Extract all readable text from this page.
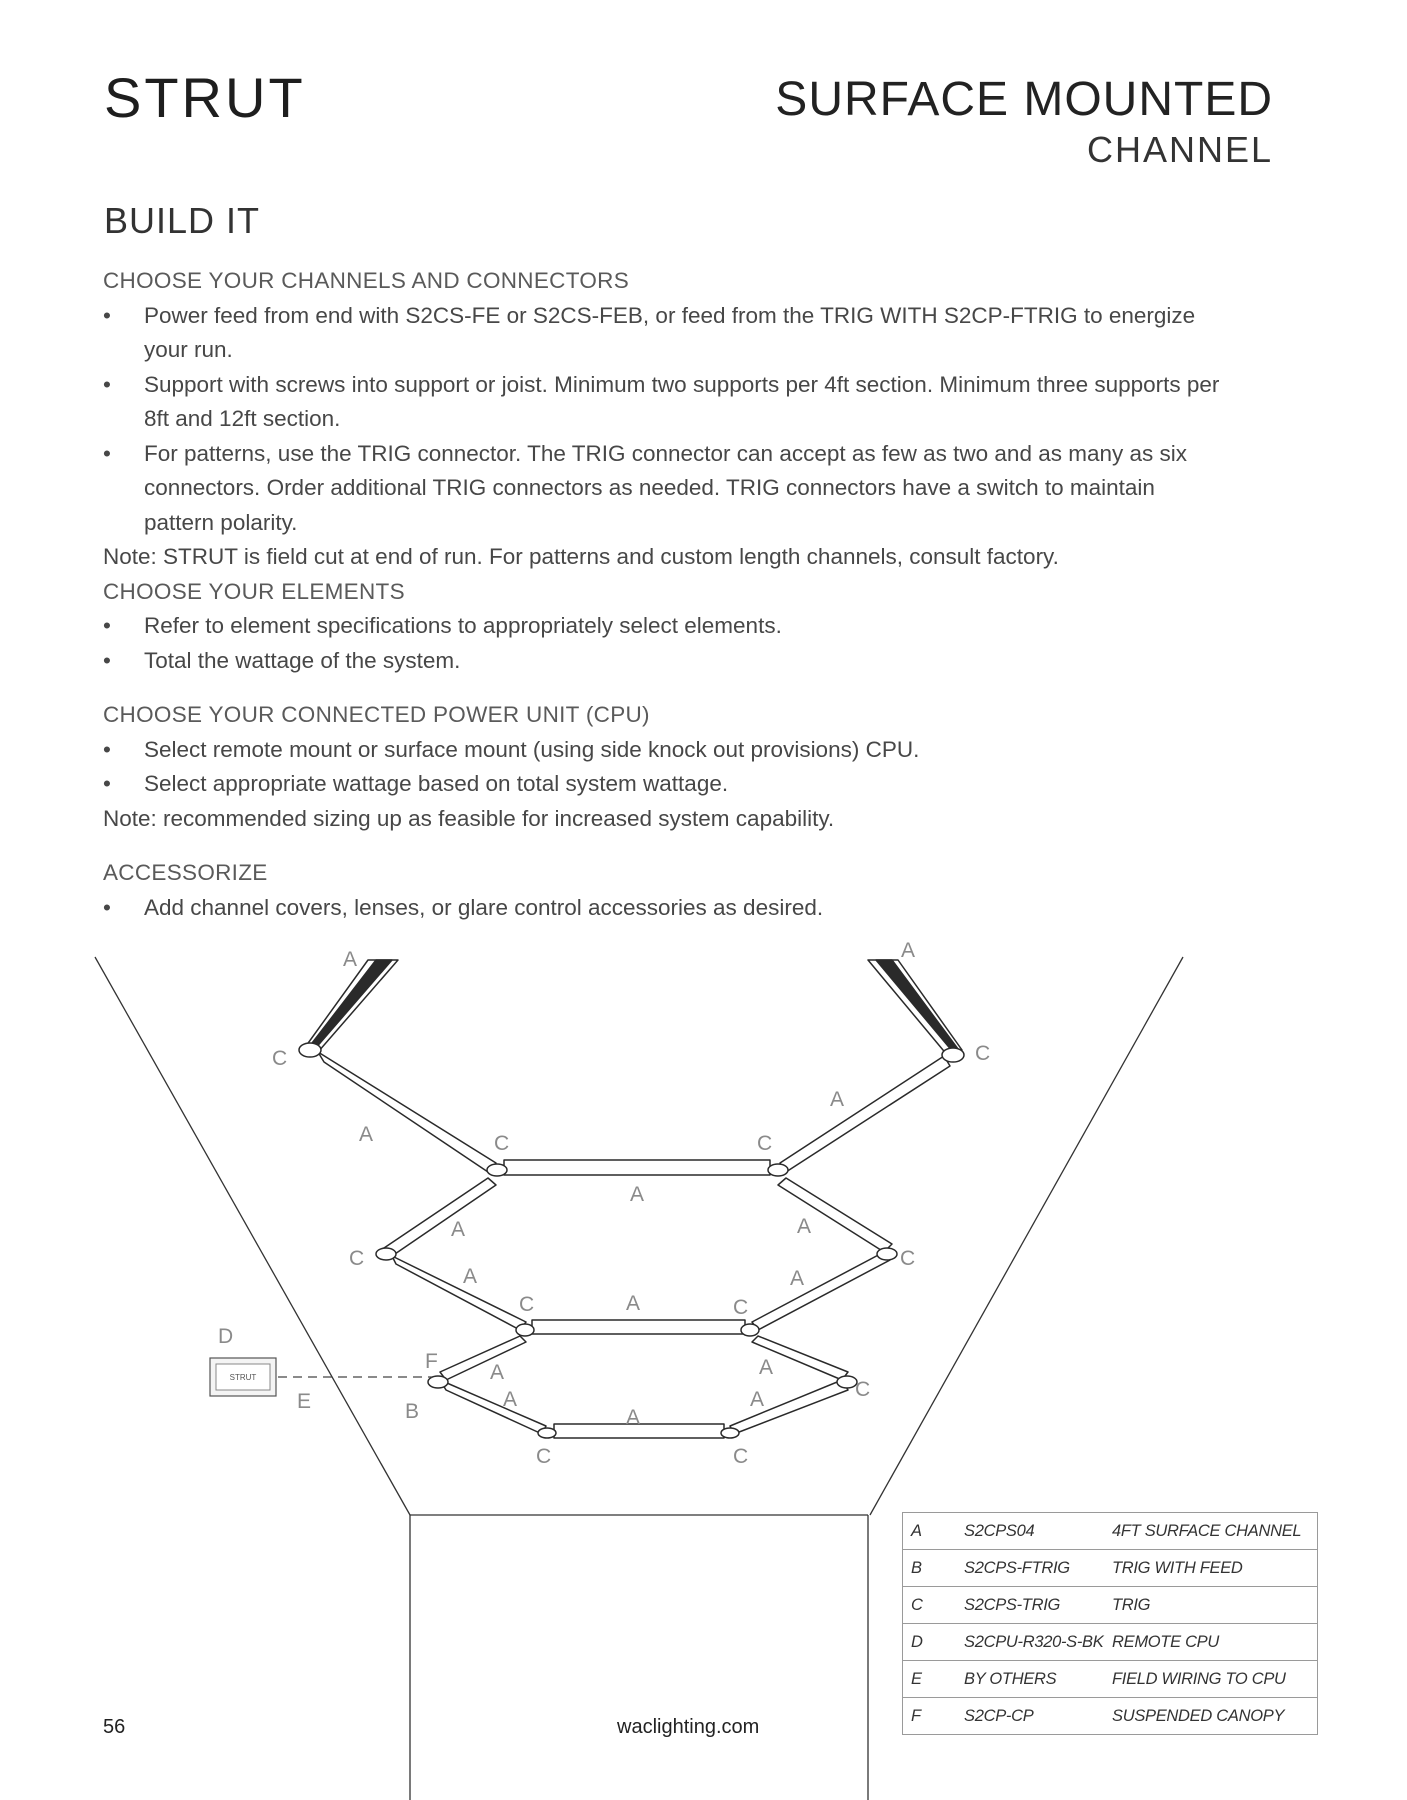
STRUT	SURFACE MOUNTED
CHANNEL
BUILD IT
CHOOSE YOUR CHANNELS AND CONNECTORS
• Power feed from end with S2CS-FE or S2CS-FEB, or feed from the TRIG WITH S2CP-FTRIG to energize your run.
• Support with screws into support or joist. Minimum two supports per 4ft section. Minimum three supports per 8ft and 12ft section.
• For patterns, use the TRIG connector. The TRIG connector can accept as few as two and as many as six connectors. Order additional TRIG connectors as needed. TRIG connectors have a switch to maintain pattern polarity.
Note: STRUT is field cut at end of run. For patterns and custom length channels, consult factory.
CHOOSE YOUR ELEMENTS
• Refer to element specifications to appropriately select elements.
• Total the wattage of the system.
CHOOSE YOUR CONNECTED POWER UNIT (CPU)
• Select remote mount or surface mount (using side knock out provisions) CPU.
• Select appropriate wattage based on total system wattage.
Note: recommended sizing up as feasible for increased system capability.
ACCESSORIZE
• Add channel covers, lenses, or glare control accessories as desired.
STRUT
A	A
C	C
A
A	C	C
A
A	A
C	C
A	A
C	A	C
D
F A	A
C
E	A	A
B	A
C	C
A	S2CPS04	4FT SURFACE CHANNEL
B	S2CPS-FTRIG	TRIG WITH FEED
C	S2CPS-TRIG	TRIG
D	S2CPU-R320-S-BK	REMOTE CPU
E	BY OTHERS	FIELD WIRING TO CPU
F	S2CP-CP	SUSPENDED CANOPY
56	waclighting.com
